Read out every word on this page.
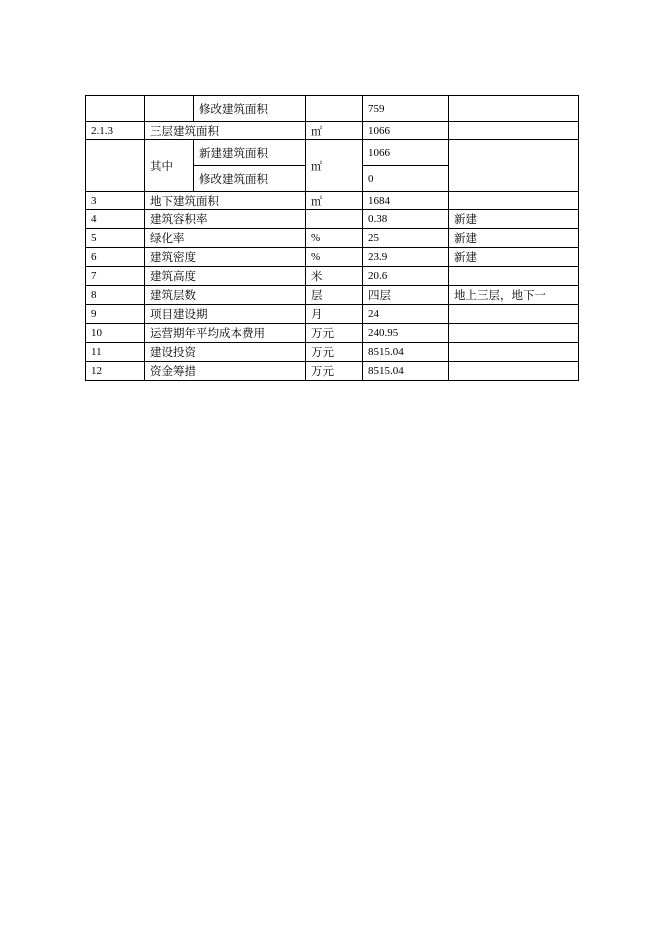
		修改建筑面积		759	
2.1.3	三层建筑面积		㎡	1066	
	其中	新建建筑面积	㎡	1066	
		修改建筑面积		0	
3	地下建筑面积		㎡	1684	
4	建筑容积率			0.38	新建
5	绿化率		%	25	新建
6	建筑密度		%	23.9	新建
7	建筑高度		米	20.6	
8	建筑层数		层	四层	地上三层，地下一
9	项目建设期		月	24	
10	运营期年平均成本费用		万元	240.95	
11	建设投资		万元	8515.04	
12	资金筹措		万元	8515.04	
